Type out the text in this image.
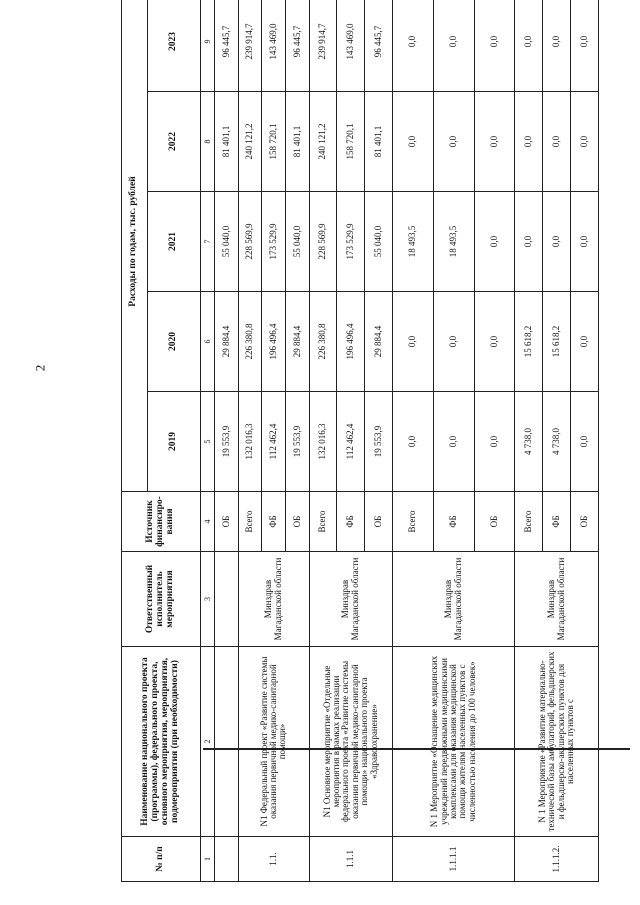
2
№ п/п	Наименование национального проекта (программы), федерального проекта, основного мероприятия, мероприятия, подмероприятия (при необходимости)	Ответственный исполнитель мероприятия	Источник финансиро-вания	Расходы по годам, тыс. рублей				
				2019	2020	2021	2022	2023
1	2	3	4	5	6	7	8	9
			ОБ	19 553,9	29 884,4	55 040,0	81 401,1	96 445,7
1.1.	N1 Федеральный проект «Развитие системы оказания первичной медико-санитарной помощи»	Минздрав Магаданской области	Всего	132 016,3	226 380,8	228 569,9	240 121,2	239 914,7
			ФБ	112 462,4	196 496,4	173 529,9	158 720,1	143 469,0
			ОБ	19 553,9	29 884,4	55 040,0	81 401,1	96 445,7
1.1.1	N1 Основное мероприятие «Отдельные мероприятия в рамках реализации федерального проекта «Развитие системы оказания первичной медико-санитарной помощи» национального проекта «Здравоохранение»	Минздрав Магаданской области	Всего	132 016,3	226 380,8	228 569,9	240 121,2	239 914,7
			ФБ	112 462,4	196 496,4	173 529,9	158 720,1	143 469,0
			ОБ	19 553,9	29 884,4	55 040,0	81 401,1	96 445,7
1.1.1.1	N 1 Мероприятие «Оснащение медицинских учреждений передвижными медицинскими комплексами для оказания медицинской помощи жителям населенных пунктов с численностью населения до 100 человек»	Минздрав Магаданской области	Всего	0,0	0,0	18 493,5	0,0	0,0
			ФБ	0,0	0,0	18 493,5	0,0	0,0
			ОБ	0,0	0,0	0,0	0,0	0,0
1.1.1.2.	N 1 Мероприятие «Развитие материально-технической базы амбулаторий, фельдшерских и фельдшерско-акушерских пунктов для населенных пунктов с	Минздрав Магаданской области	Всего	4 738,0	15 618,2	0,0	0,0	0,0
			ФБ	4 738,0	15 618,2	0,0	0,0	0,0
			ОБ	0,0	0,0	0,0	0,0	0,0
